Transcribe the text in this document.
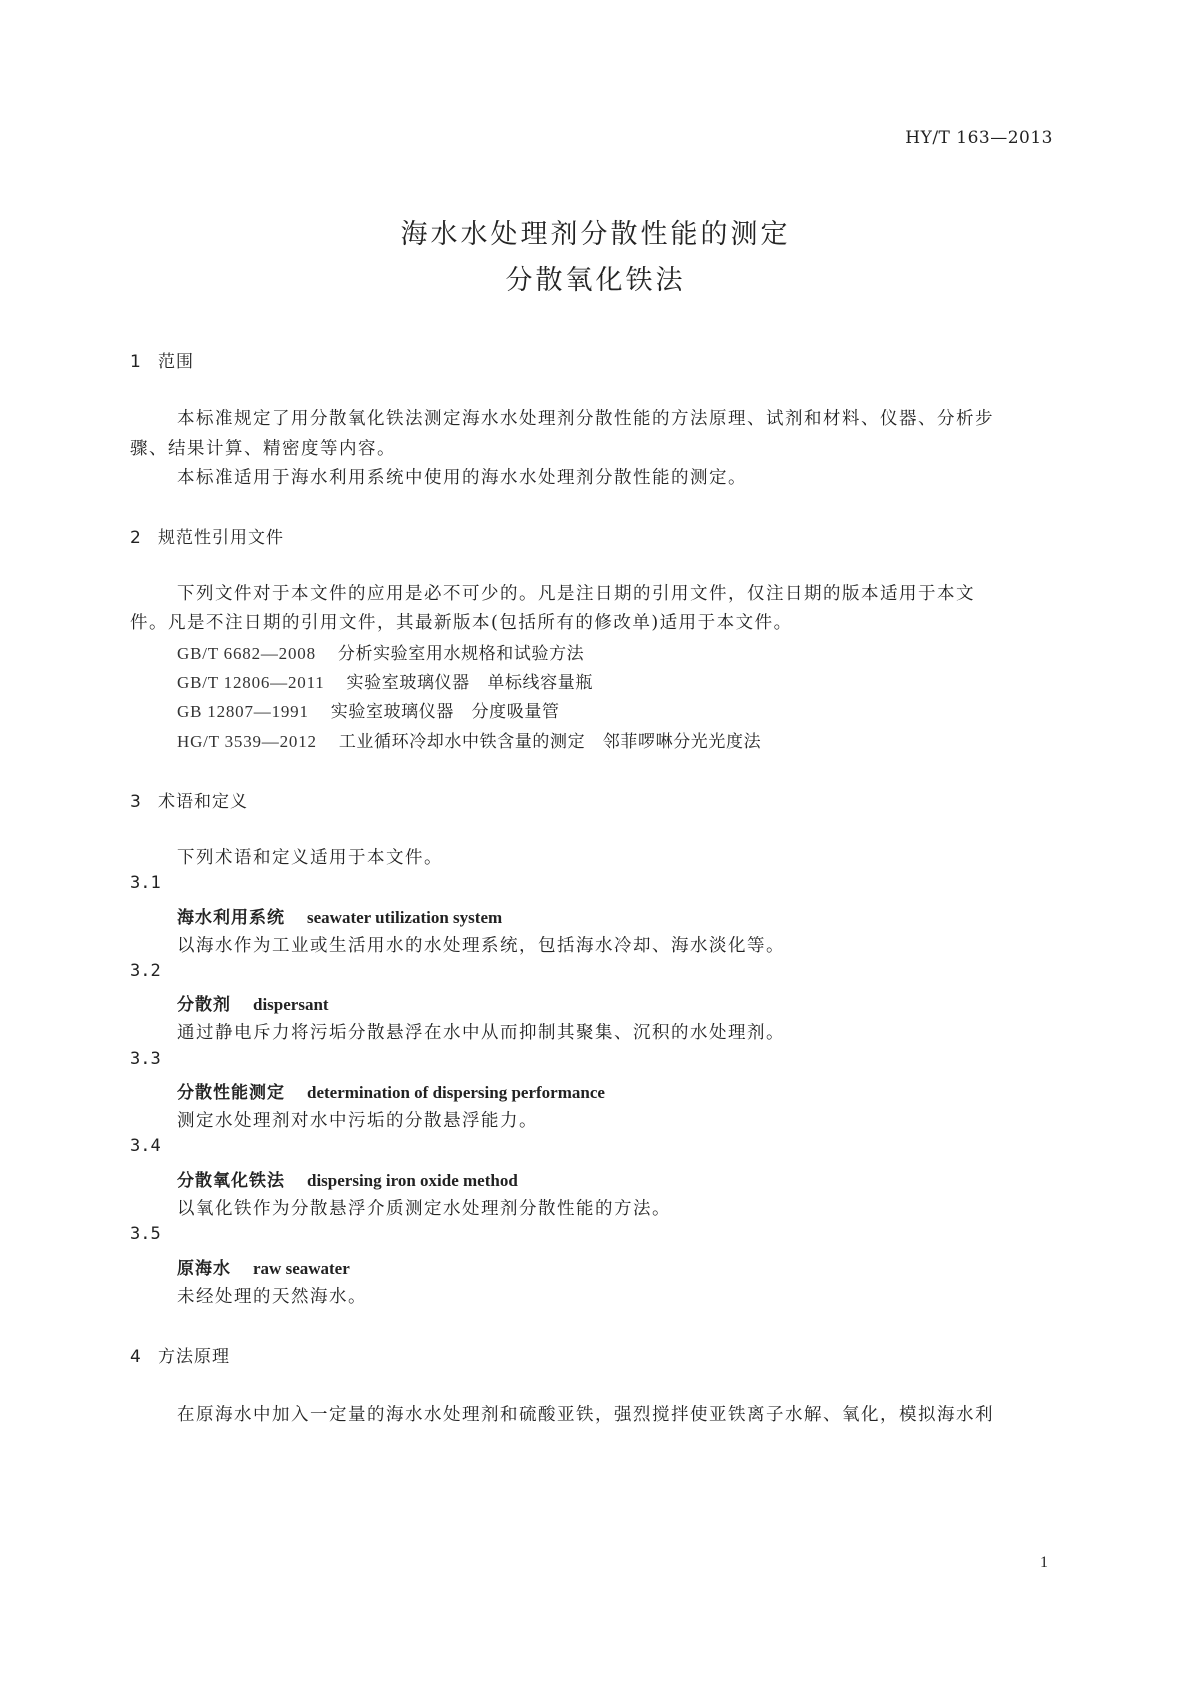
HY/T 163—2013
海水水处理剂分散性能的测定
分散氧化铁法
1 范围
本标准规定了用分散氧化铁法测定海水水处理剂分散性能的方法原理、试剂和材料、仪器、分析步
骤、结果计算、精密度等内容。
本标准适用于海水利用系统中使用的海水水处理剂分散性能的测定。
2 规范性引用文件
下列文件对于本文件的应用是必不可少的。凡是注日期的引用文件，仅注日期的版本适用于本文
件。凡是不注日期的引用文件，其最新版本(包括所有的修改单)适用于本文件。
GB/T 6682—2008 分析实验室用水规格和试验方法
GB/T 12806—2011 实验室玻璃仪器　单标线容量瓶
GB 12807—1991 实验室玻璃仪器　分度吸量管
HG/T 3539—2012 工业循环冷却水中铁含量的测定　邻菲啰啉分光光度法
3 术语和定义
下列术语和定义适用于本文件。
3.1
海水利用系统 seawater utilization system
以海水作为工业或生活用水的水处理系统，包括海水冷却、海水淡化等。
3.2
分散剂 dispersant
通过静电斥力将污垢分散悬浮在水中从而抑制其聚集、沉积的水处理剂。
3.3
分散性能测定 determination of dispersing performance
测定水处理剂对水中污垢的分散悬浮能力。
3.4
分散氧化铁法 dispersing iron oxide method
以氧化铁作为分散悬浮介质测定水处理剂分散性能的方法。
3.5
原海水 raw seawater
未经处理的天然海水。
4 方法原理
在原海水中加入一定量的海水水处理剂和硫酸亚铁，强烈搅拌使亚铁离子水解、氧化，模拟海水利
1
